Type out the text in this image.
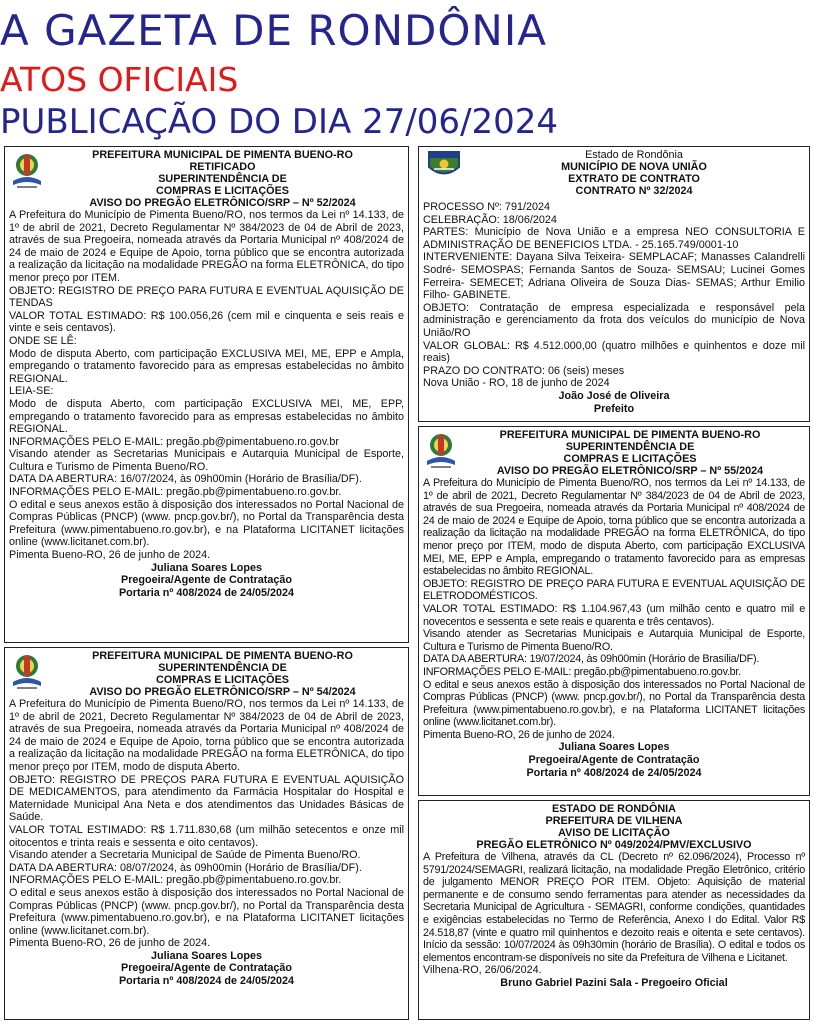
A GAZETA DE RONDÔNIA
ATOS OFICIAIS
PUBLICAÇÃO DO DIA 27/06/2024
PREFEITURA MUNICIPAL DE PIMENTA BUENO-RO
RETIFICADO
SUPERINTENDÊNCIA DE
COMPRAS E LICITAÇÕES
AVISO DO PREGÃO ELETRÔNICO/SRP – Nº 52/2024
A Prefeitura do Município de Pimenta Bueno/RO, nos termos da Lei nº 14.133, de 1º de abril de 2021, Decreto Regulamentar Nº 384/2023 de 04 de Abril de 2023, através de sua Pregoeira, nomeada através da Portaria Municipal nº 408/2024 de 24 de maio de 2024 e Equipe de Apoio, torna público que se encontra autorizada a realização da licitação na modalidade PREGÃO na forma ELETRÔNICA, do tipo menor preço por ITEM.
OBJETO: REGISTRO DE PREÇO PARA FUTURA E EVENTUAL AQUISIÇÃO DE TENDAS
VALOR TOTAL ESTIMADO: R$ 100.056,26 (cem mil e cinquenta e seis reais e vinte e seis centavos).
ONDE SE LÊ:
Modo de disputa Aberto, com participação EXCLUSIVA MEI, ME, EPP e Ampla, empregando o tratamento favorecido para as empresas estabelecidas no âmbito REGIONAL.
LEIA-SE:
Modo de disputa Aberto, com participação EXCLUSIVA MEI, ME, EPP, empregando o tratamento favorecido para as empresas estabelecidas no âmbito REGIONAL.
INFORMAÇÕES PELO E-MAIL: pregão.pb@pimentabueno.ro.gov.br
Visando atender as Secretarias Municipais e Autarquia Municipal de Esporte, Cultura e Turismo de Pimenta Bueno/RO.
DATA DA ABERTURA: 16/07/2024, às 09h00min (Horário de Brasília/DF).
INFORMAÇÕES PELO E-MAIL: pregão.pb@pimentabueno.ro.gov.br.
O edital e seus anexos estão à disposição dos interessados no Portal Nacional de Compras Públicas (PNCP) (www. pncp.gov.br/), no Portal da Transparência desta Prefeitura (www.pimentabueno.ro.gov.br), e na Plataforma LICITANET licitações online (www.licitanet.com.br).
Pimenta Bueno-RO, 26 de junho de 2024.
Juliana Soares Lopes
Pregoeira/Agente de Contratação
Portaria nº 408/2024 de 24/05/2024
Estado de Rondônia
MUNICÍPIO DE NOVA UNIÃO
EXTRATO DE CONTRATO
CONTRATO Nº 32/2024
PROCESSO Nº: 791/2024
CELEBRAÇÃO: 18/06/2024
PARTES: Município de Nova União e a empresa NEO CONSULTORIA E ADMINISTRAÇÃO DE BENEFICIOS LTDA. - 25.165.749/0001-10
INTERVENIENTE: Dayana Silva Teixeira- SEMPLACAF; Manasses Calandrelli Sodré- SEMOSPAS; Fernanda Santos de Souza- SEMSAU; Lucinei Gomes Ferreira- SEMECET; Adriana Oliveira de Souza Dias- SEMAS; Arthur Emilio Filho- GABINETE.
OBJETO: Contratação de empresa especializada e responsável pela administração e gerenciamento da frota dos veículos do município de Nova União/RO
VALOR GLOBAL: R$ 4.512.000,00 (quatro milhões e quinhentos e doze mil reais)
PRAZO DO CONTRATO: 06 (seis) meses
Nova União - RO, 18 de junho de 2024
João José de Oliveira
Prefeito
PREFEITURA MUNICIPAL DE PIMENTA BUENO-RO
SUPERINTENDÊNCIA DE
COMPRAS E LICITAÇÕES
AVISO DO PREGÃO ELETRÔNICO/SRP – Nº 55/2024
A Prefeitura do Município de Pimenta Bueno/RO, nos termos da Lei nº 14.133, de 1º de abril de 2021, Decreto Regulamentar Nº 384/2023 de 04 de Abril de 2023, através de sua Pregoeira, nomeada através da Portaria Municipal nº 408/2024 de 24 de maio de 2024 e Equipe de Apoio, torna público que se encontra autorizada a realização da licitação na modalidade PREGÃO na forma ELETRÔNICA, do tipo menor preço por ITEM, modo de disputa Aberto, com participação EXCLUSIVA MEI, ME, EPP e Ampla, empregando o tratamento favorecido para as empresas estabelecidas no âmbito REGIONAL.
OBJETO: REGISTRO DE PREÇO PARA FUTURA E EVENTUAL AQUISIÇÃO DE ELETRODOMÉSTICOS.
VALOR TOTAL ESTIMADO: R$ 1.104.967,43 (um milhão cento e quatro mil e novecentos e sessenta e sete reais e quarenta e três centavos).
Visando atender as Secretarias Municipais e Autarquia Municipal de Esporte, Cultura e Turismo de Pimenta Bueno/RO.
DATA DA ABERTURA: 19/07/2024, às 09h00min (Horário de Brasília/DF).
INFORMAÇÕES PELO E-MAIL: pregão.pb@pimentabueno.ro.gov.br.
O edital e seus anexos estão à disposição dos interessados no Portal Nacional de Compras Públicas (PNCP) (www. pncp.gov.br/), no Portal da Transparência desta Prefeitura (www.pimentabueno.ro.gov.br), e na Plataforma LICITANET licitações online (www.licitanet.com.br).
Pimenta Bueno-RO, 26 de junho de 2024.
Juliana Soares Lopes
Pregoeira/Agente de Contratação
Portaria nº 408/2024 de 24/05/2024
PREFEITURA MUNICIPAL DE PIMENTA BUENO-RO
SUPERINTENDÊNCIA DE
COMPRAS E LICITAÇÕES
AVISO DO PREGÃO ELETRÔNICO/SRP – Nº 54/2024
A Prefeitura do Município de Pimenta Bueno/RO, nos termos da Lei nº 14.133, de 1º de abril de 2021, Decreto Regulamentar Nº 384/2023 de 04 de Abril de 2023, através de sua Pregoeira, nomeada através da Portaria Municipal nº 408/2024 de 24 de maio de 2024 e Equipe de Apoio, torna público que se encontra autorizada a realização da licitação na modalidade PREGÃO na forma ELETRÔNICA, do tipo menor preço por ITEM, modo de disputa Aberto.
OBJETO: REGISTRO DE PREÇOS PARA FUTURA E EVENTUAL AQUISIÇÃO DE MEDICAMENTOS, para atendimento da Farmácia Hospitalar do Hospital e Maternidade Municipal Ana Neta e dos atendimentos das Unidades Básicas de Saúde.
VALOR TOTAL ESTIMADO: R$ 1.711.830,68 (um milhão setecentos e onze mil oitocentos e trinta reais e sessenta e oito centavos).
Visando atender a Secretaria Municipal de Saúde de Pimenta Bueno/RO.
DATA DA ABERTURA: 08/07/2024, às 09h00min (Horário de Brasília/DF).
INFORMAÇÕES PELO E-MAIL: pregão.pb@pimentabueno.ro.gov.br.
O edital e seus anexos estão à disposição dos interessados no Portal Nacional de Compras Públicas (PNCP) (www. pncp.gov.br/), no Portal da Transparência desta Prefeitura (www.pimentabueno.ro.gov.br), e na Plataforma LICITANET licitações online (www.licitanet.com.br).
Pimenta Bueno-RO, 26 de junho de 2024.
Juliana Soares Lopes
Pregoeira/Agente de Contratação
Portaria nº 408/2024 de 24/05/2024
ESTADO DE RONDÔNIA
PREFEITURA DE VILHENA
AVISO DE LICITAÇÃO
PREGÃO ELETRÔNICO Nº 049/2024/PMV/EXCLUSIVO
A Prefeitura de Vilhena, através da CL (Decreto nº 62.096/2024), Processo nº 5791/2024/SEMAGRI, realizará licitação, na modalidade Pregão Eletrônico, critério de julgamento MENOR PREÇO POR ITEM. Objeto: Aquisição de material permanente e de consumo sendo ferramentas para atender as necessidades da Secretaria Municipal de Agricultura - SEMAGRI, conforme condições, quantidades e exigências estabelecidas no Termo de Referência, Anexo I do Edital. Valor R$ 24.518,87 (vinte e quatro mil quinhentos e dezoito reais e oitenta e sete centavos). Início da sessão: 10/07/2024 às 09h30min (horário de Brasília). O edital e todos os elementos encontram-se disponíveis no site da Prefeitura de Vilhena e Licitanet.
Vilhena-RO, 26/06/2024.
Bruno Gabriel Pazini Sala - Pregoeiro Oficial
